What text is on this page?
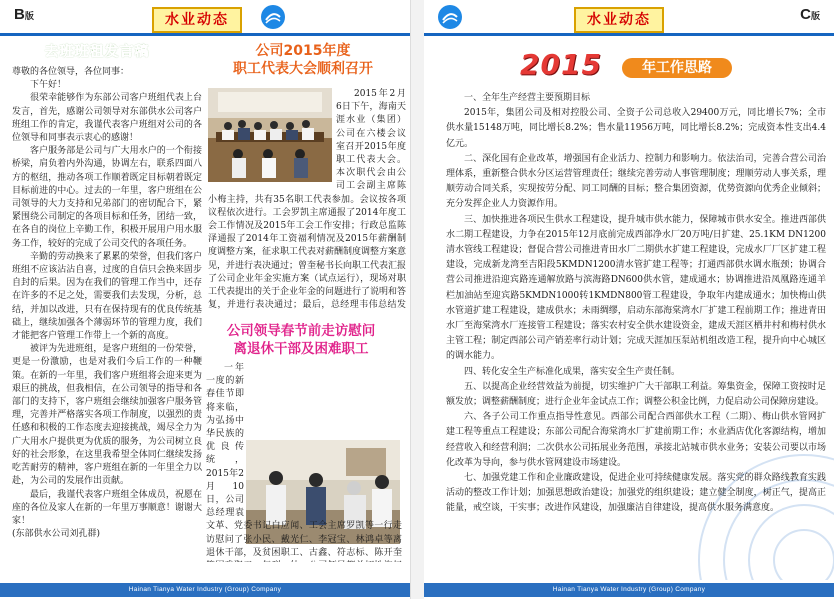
B版	水业动态
去班班租发言稿	公司2015年度
职工代表大会顺利召开

尊敬的各位领导，各位同事：

下午好！

很荣幸能够作为东部公司客户班组代表上台发言，首先，感谢公司领导对东部供水公司客户班组工作的肯定，我谨代表客户班组对公司的各位领导和同事表示衷心的感谢！

客户服务部是公司与广大用水户的一个衔接桥梁，肩负着内外沟通，协调左右，联系四面八方的枢纽，推动各项工作顺着既定目标朝着既定目标前进的中心。过去的一年里，客户班组在公司领导的大力支持和兄弟部门的密切配合下，紧紧围绕公司制定的各项目标和任务，团结一致，在各自的岗位上辛勤工作，积极开展用户用水服务工作，较好的完成了公司交代的各项任务。

辛勤的劳动换来了累累的荣誉，但我们客户班组不应该沾沾自喜，过度的自信只会换来固步自封的后果。因为在我们的管理工作当中，还存在许多的不足之处，需要我们去发现，分析，总结，并加以改进，只有在保持现有的优良传统基础上，继续加强各个薄弱环节的管理力度，我们才能把客户管理工作带上一个新的高度。

被评为先进班组，是客户班组的一份荣誉，更是一份激励，也是对我们今后工作的一种鞭策。在新的一年里，我们客户班组将会迎来更为艰巨的挑战，但我相信，在公司领导的指导和各部门的支持下，客户班组会继续加强客户服务管理，完善并严格落实各项工作制度，以强烈的责任感和积极的工作态度去迎接挑战，竭尽全力为广大用水户提供更为优质的服务，为公司树立良好的社会形象，在这里我希望全体同仁继续发扬吃苦耐劳的精神，客户班组在新的一年里全力以赴，为公司的发展作出贡献。

最后，我谨代表客户班组全体成员，祝愿在座的各位及家人在新的一年里万事顺意！谢谢大家！

(东部供水公司刘孔群)

2015年2月6日下午，海南天涯水业（集团）公司在六楼会议室召开2015年度职工代表大会。本次职代会由公司工会副主席陈小梅主持，共有35名职工代表参加。会议按各项议程依次进行。工会罗凯主席通报了2014年度工会工作情况及2015年工会工作安排；行政总监陈泽通报了2014年工资福利情况及2015年薪酬制度调整方案，征求职工代表对薪酬制度调整方案意见，并进行表决通过；曾奎秘书长向职工代表汇报了公司企业年金实施方案（试点运行），现场对职工代表提出的关于企业年金的问题进行了说明和答复，并进行表决通过；最后，总经理韦伟总结发

公司领导春节前走访慰问
离退休干部及困难职工

一年一度的新春佳节即将来临，为弘扬中华民族的优良传统，2015年2月10日，公司总经理袁文革、党委书记白应闻、工会主席罗凯等一行走访慰问了张小民、戴光仁、李冠宝、林鸿卓等离退休干部，及贫困职工、古鑫、符志标、陈开奎

Hainan Tianya Water Industry (Group) Company
水业动态	C版
2015	年工作思路

一、全年生产经营主要预期目标

2015年，集团公司及相对控股公司、全资子公司总收入29400万元，同比增长7%；全市供水量15148万吨，同比增长8.2%；售水量11956万吨，同比增长8.2%；完成资本性支出4.4亿元。

二、深化国有企业改革，增强国有企业活力、控制力和影响力。依法治司，完善合营公司治理体系，重新整合供水分区运营管理责任；继续完善劳动人事管理制度；理顺劳动人事关系，理顺劳动合同关系，实现按劳分配、同工同酬的目标；整合集团资源，优势资源向优秀企业倾斜；充分发挥企业人力资源作用。

三、加快推进各项民生供水工程建设，提升城市供水能力，保障城市供水安全。推进西部供水二期工程建设，力争在2015年12月底前完成西部净水厂20万吨/日扩建、25.1KM DN1200清水管线工程建设；督促合营公司推进青田水厂二期供水扩建工程建设，完成水厂厂区扩建工程建设，完成新龙湾至吉阳段5KMDN1200清水管扩建工程等；打通西部供水调水瓶颈；协调合营公司推进沿迎宾路连通解放路与滨海路DN600供水管，建成通水；协调推进沿凤凰路连通羊栏加油站至迎宾路5KMDN1000转1KMDN800管工程建设，争取年内建成通水；加快梅山供水管道扩建工程建设，建成供水；未雨绸缪，启动东部海棠湾水厂扩建工程前期工作；推进青田水厂至海棠湾水厂连接管工程建设；落实农村安全供水建设资金，建成天涯区栖井村和梅村供水主管工程；制定西部公司产销差率行动计划；完成天涯加压泵站机组改造工程，提升向中心城区的调水能力。

四、转化安全生产标准化成果，落实安全生产责任制。

五、以提高企业经营效益为前提，切实维护广大干部职工利益。筹集资金，保障工资按时足额发放；调整薪酬制度；进行企业年金试点工作；调整公积金比例，力促启动公司保障房建设。

六、各子公司工作重点指导性意见。西部公司配合西部供水工程（二期）、梅山供水管网扩建工程等重点工程建设；东部公司配合海棠湾水厂扩建前期工作；水业酒店优化客源结构，增加经营收入和经营利润；二次供水公司拓展业务范围，承接北站城市供水业务；安装公司要以市场化改革为导向，参与供水管网建设市场建设。

七、加强党建工作和企业廉政建设，促进企业可持续健康发展。落实党的群众路线教育实践活动的整改工作计划；加强思想政治建设；加强党的组织建设；建立健全制度，树正气，提高正能量，戒空谈，干实事；改进作风建设，加强廉洁自律建设，提高供水服务满意度。

Hainan Tianya Water Industry (Group) Company
